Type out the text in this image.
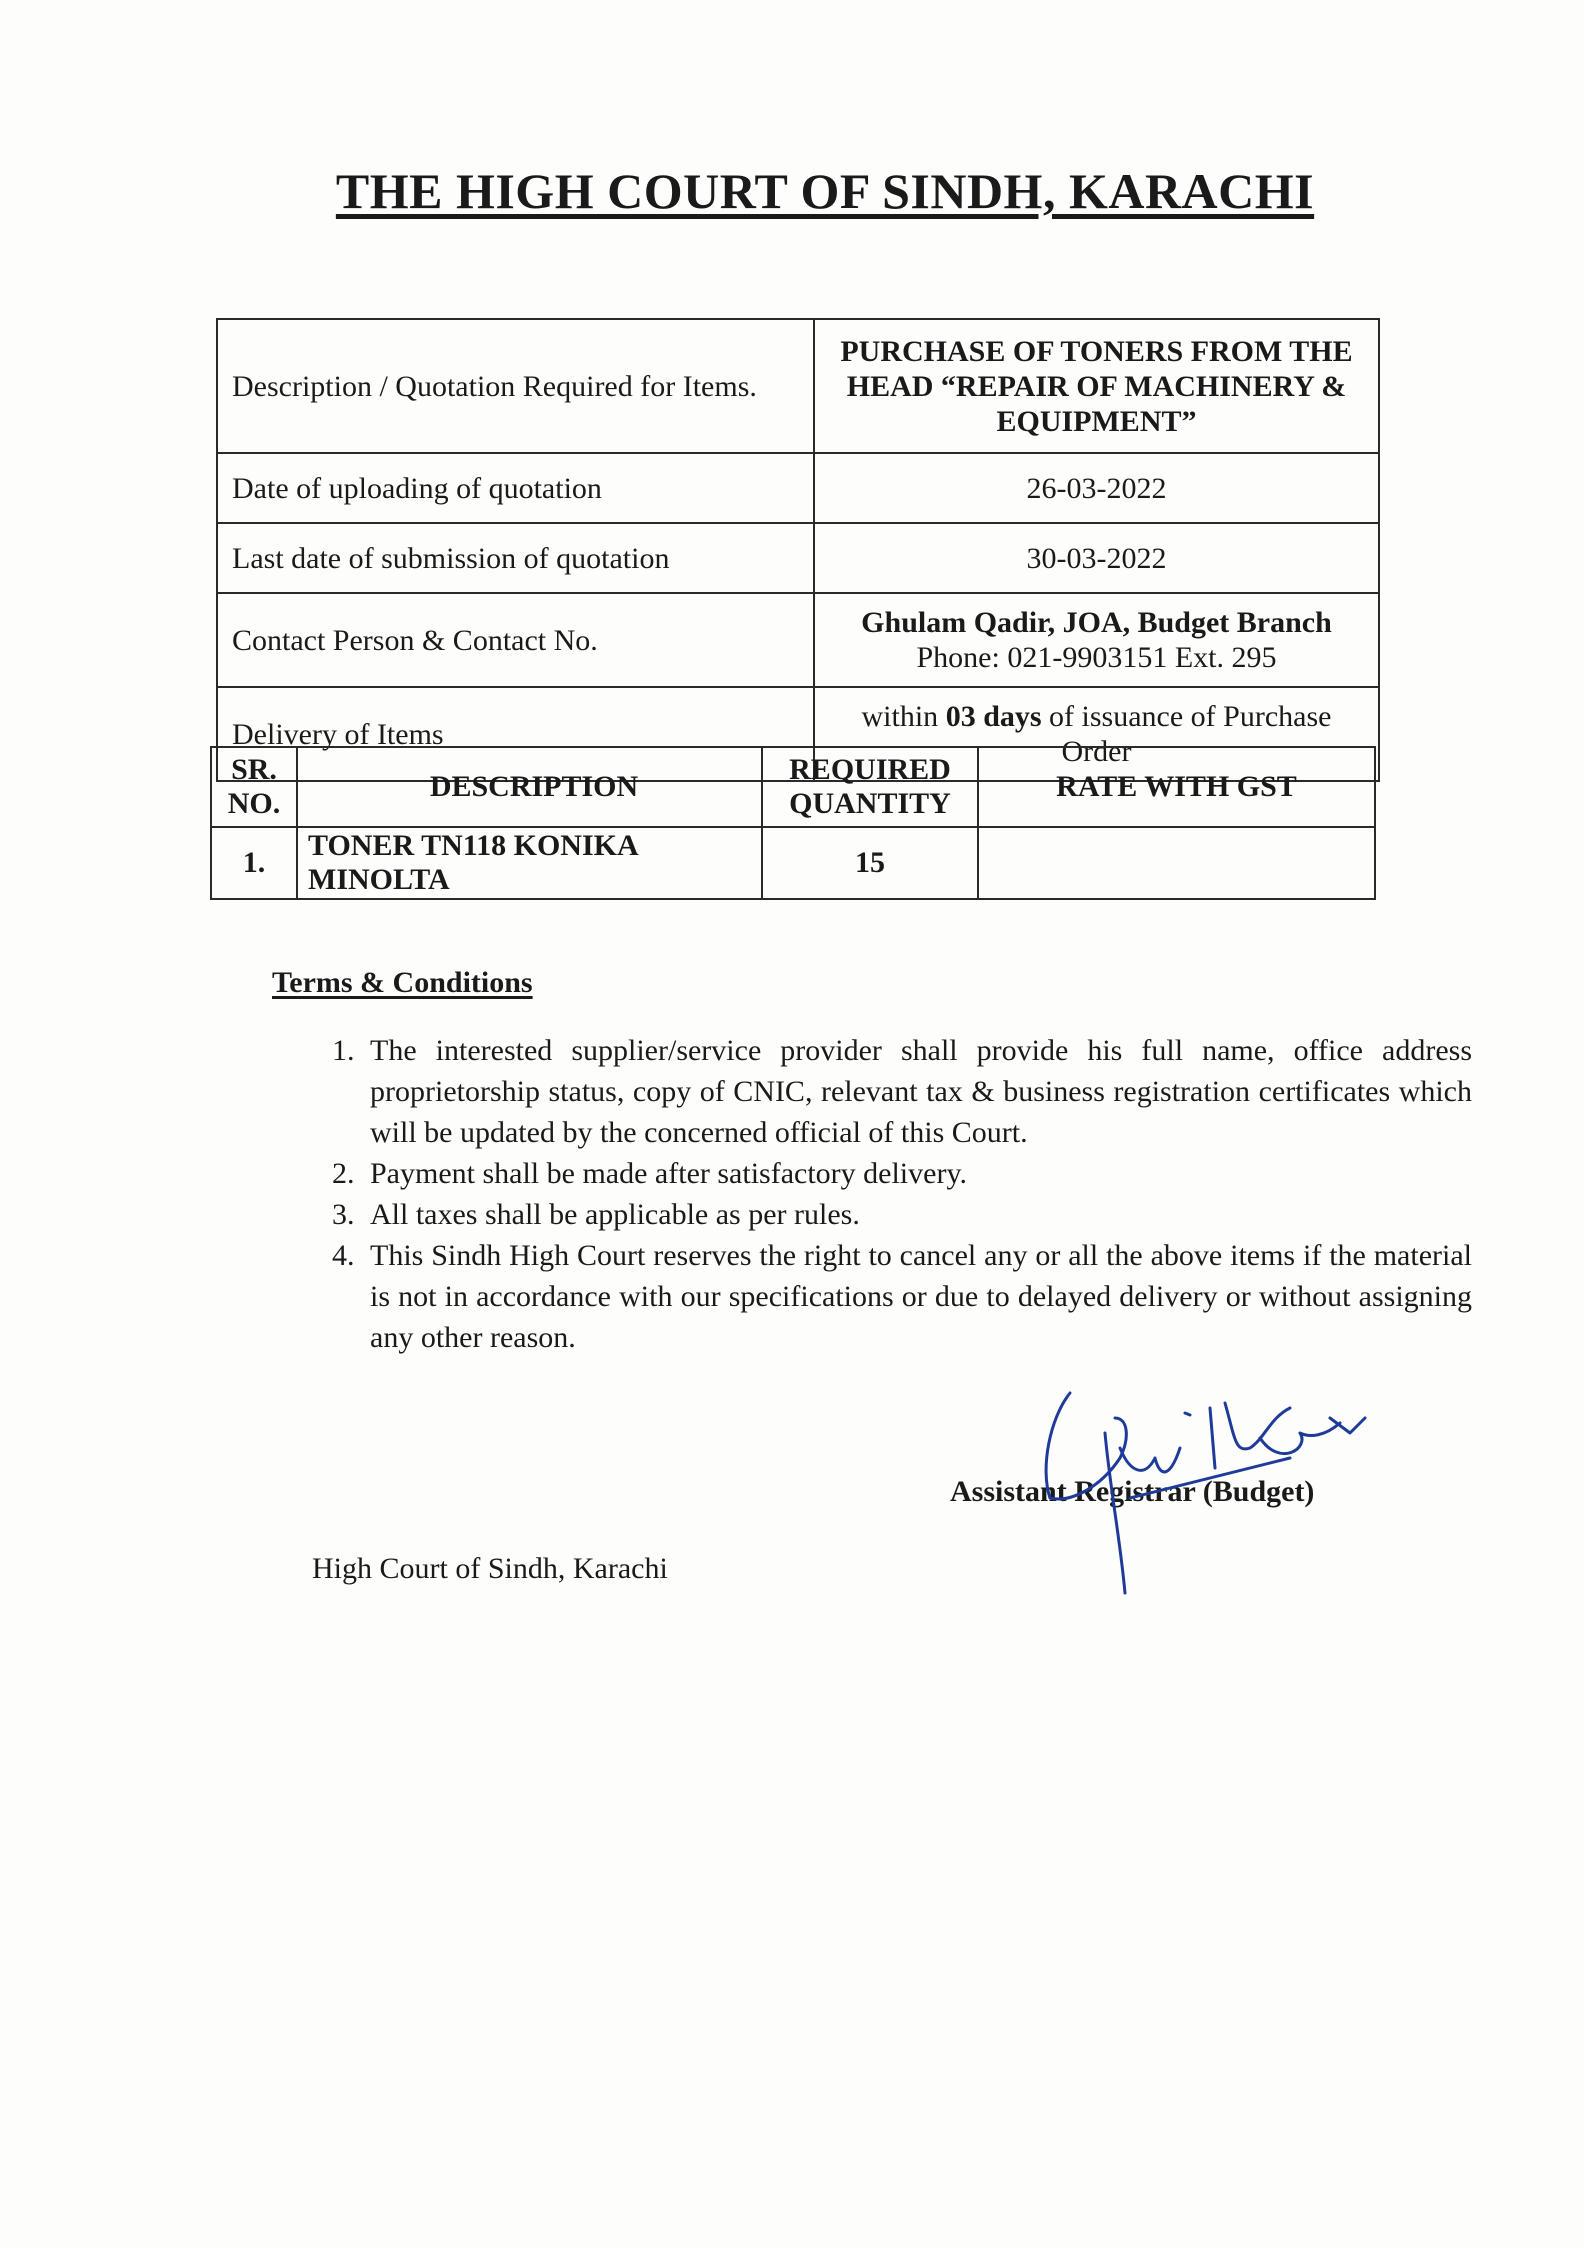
THE HIGH COURT OF SINDH, KARACHI
Description / Quotation Required for Items.	PURCHASE OF TONERS FROM THE HEAD “REPAIR OF MACHINERY & EQUIPMENT”
Date of uploading of quotation	26-03-2022
Last date of submission of quotation	30-03-2022
Contact Person & Contact No.	Ghulam Qadir, JOA, Budget Branch
Phone: 021-9903151 Ext. 295

Delivery of Items	within 03 days of issuance of Purchase Order
SR. NO.	DESCRIPTION	REQUIRED QUANTITY	RATE WITH GST
1.	TONER TN118 KONIKA MINOLTA	15	
Terms & Conditions
1. The interested supplier/service provider shall provide his full name, office address proprietorship status, copy of CNIC, relevant tax & business registration certificates which will be updated by the concerned official of this Court.
2. Payment shall be made after satisfactory delivery.
3. All taxes shall be applicable as per rules.
4. This Sindh High Court reserves the right to cancel any or all the above items if the material is not in accordance with our specifications or due to delayed delivery or without assigning any other reason.
Assistant Registrar (Budget)
High Court of Sindh, Karachi
